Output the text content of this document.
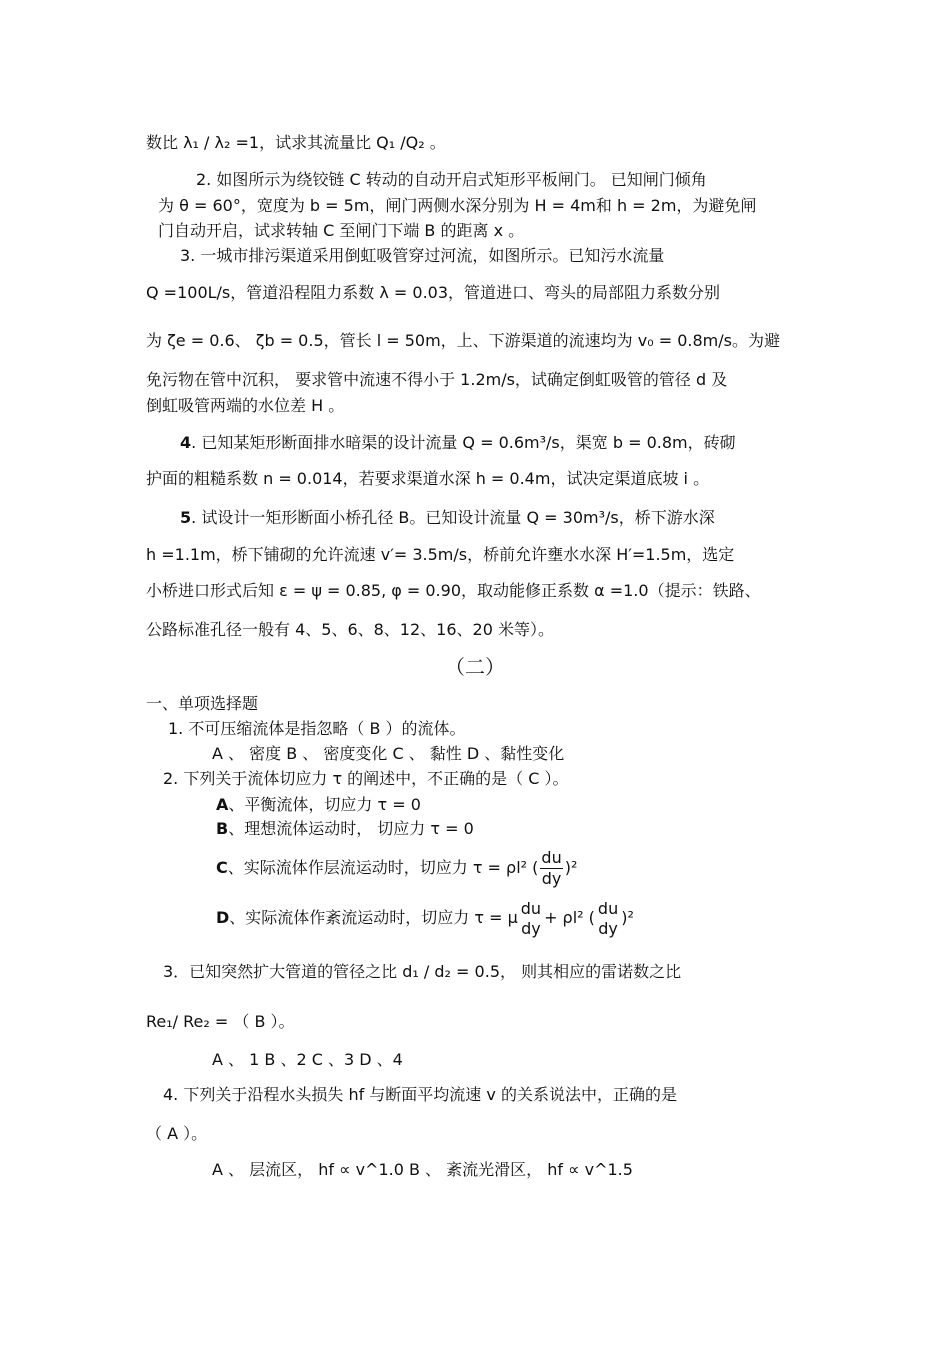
数比 λ₁ / λ₂ =1，试求其流量比 Q₁ /Q₂ 。
2. 如图所示为绕铰链 C 转动的自动开启式矩形平板闸门。 已知闸门倾角
为 θ = 60°，宽度为 b = 5m，闸门两侧水深分别为 H = 4m和 h = 2m，为避免闸
门自动开启，试求转轴 C 至闸门下端 B 的距离 x 。
3. 一城市排污渠道采用倒虹吸管穿过河流，如图所示。已知污水流量
Q =100L/s，管道沿程阻力系数 λ = 0.03，管道进口、弯头的局部阻力系数分别
为 ζe = 0.6、 ζb = 0.5，管长 l = 50m，上、下游渠道的流速均为 v₀ = 0.8m/s。为避
免污物在管中沉积， 要求管中流速不得小于 1.2m/s，试确定倒虹吸管的管径 d 及
倒虹吸管两端的水位差 H 。
4. 已知某矩形断面排水暗渠的设计流量 Q = 0.6m³/s，渠宽 b = 0.8m，砖砌
护面的粗糙系数 n = 0.014，若要求渠道水深 h = 0.4m，试决定渠道底坡 i 。
5. 试设计一矩形断面小桥孔径 B。已知设计流量 Q = 30m³/s，桥下游水深
h =1.1m，桥下铺砌的允许流速 v′= 3.5m/s，桥前允许壅水水深 H′=1.5m，选定
小桥进口形式后知 ε = ψ = 0.85, φ = 0.90，取动能修正系数 α =1.0（提示：铁路、
公路标准孔径一般有 4、5、6、8、12、16、20 米等）。
（二）
一、单项选择题
1. 不可压缩流体是指忽略（ B ）的流体。
A 、 密度 B 、 密度变化 C 、 黏性 D 、黏性变化
2. 下列关于流体切应力 τ 的阐述中，不正确的是（ C ）。
A、平衡流体，切应力 τ = 0
B、理想流体运动时， 切应力 τ = 0
C、实际流体作层流运动时，切应力 τ = ρl² ( $\frac{du}{dy} )^2$
D、实际流体作紊流运动时，切应力 τ = μ du
dy
+ ρl² ( du
dy
)²
3．已知突然扩大管道的管径之比 d₁ / d₂ = 0.5， 则其相应的雷诺数之比
Re₁/ Re₂ = （ B ）。
A 、 1 B 、2 C 、3 D 、4
4. 下列关于沿程水头损失 hf 与断面平均流速 v 的关系说法中，正确的是
（ A ）。
A 、 层流区， hf ∝ v^1.0 B 、 紊流光滑区， hf ∝ v^1.5
